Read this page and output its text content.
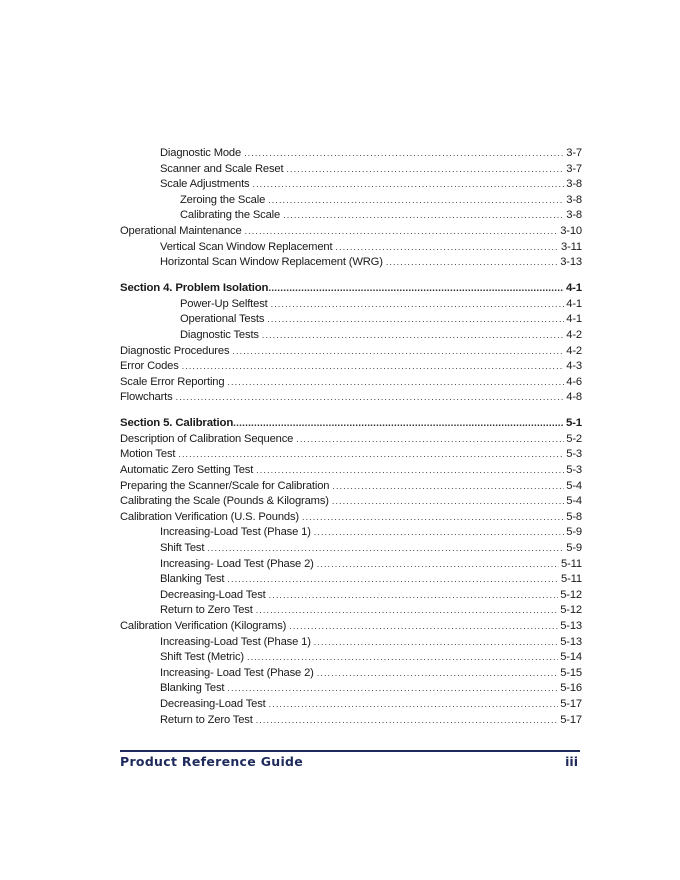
Diagnostic Mode .....	3-7
Scanner and Scale Reset .....	3-7
Scale Adjustments .....	3-8
Zeroing the Scale .....	3-8
Calibrating the Scale .....	3-8
Operational Maintenance .....	3-10
Vertical Scan Window Replacement .....	3-11
Horizontal Scan Window Replacement (WRG) .....	3-13
Section 4. Problem Isolation .....	4-1
Power-Up Selftest .....	4-1
Operational Tests .....	4-1
Diagnostic Tests .....	4-2
Diagnostic Procedures .....	4-2
Error Codes .....	4-3
Scale Error Reporting .....	4-6
Flowcharts .....	4-8
Section 5. Calibration .....	5-1
Description of Calibration Sequence .....	5-2
Motion Test .....	5-3
Automatic Zero Setting Test .....	5-3
Preparing the Scanner/Scale for Calibration .....	5-4
Calibrating the Scale (Pounds & Kilograms) .....	5-4
Calibration Verification (U.S. Pounds) .....	5-8
Increasing-Load Test (Phase 1) .....	5-9
Shift Test .....	5-9
Increasing- Load Test (Phase 2) .....	5-11
Blanking Test .....	5-11
Decreasing-Load Test .....	5-12
Return to Zero Test .....	5-12
Calibration Verification (Kilograms) .....	5-13
Increasing-Load Test (Phase 1) .....	5-13
Shift Test (Metric) .....	5-14
Increasing- Load Test (Phase 2) .....	5-15
Blanking Test .....	5-16
Decreasing-Load Test .....	5-17
Return to Zero Test .....	5-17
Product Reference Guide	iii
